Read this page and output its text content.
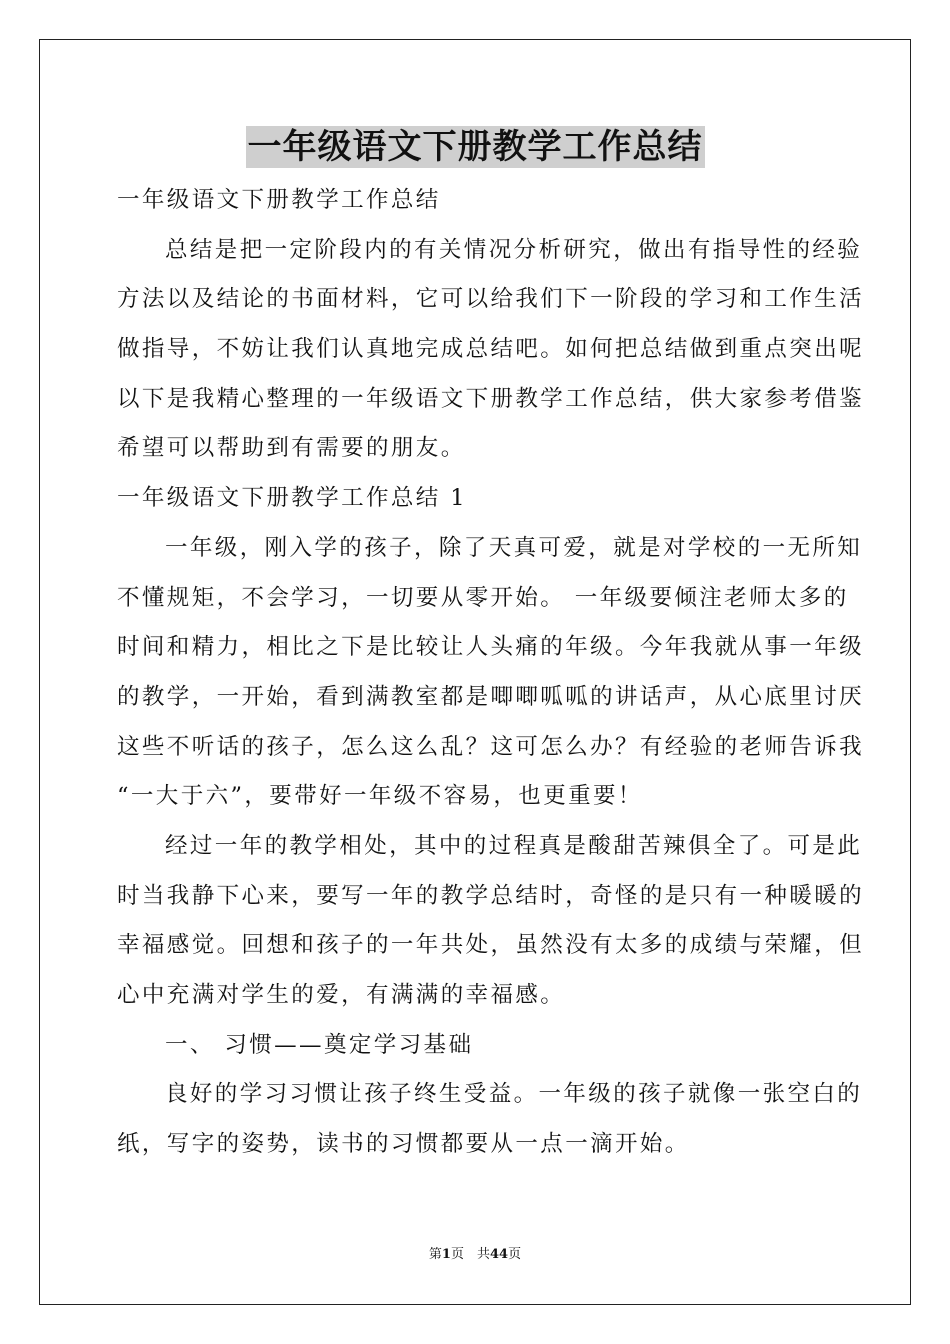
一年级语文下册教学工作总结
一年级语文下册教学工作总结
总结是把一定阶段内的有关情况分析研究，做出有指导性的经验
方法以及结论的书面材料，它可以给我们下一阶段的学习和工作生活
做指导，不妨让我们认真地完成总结吧。如何把总结做到重点突出呢
以下是我精心整理的一年级语文下册教学工作总结，供大家参考借鉴
希望可以帮助到有需要的朋友。
一年级语文下册教学工作总结 1
一年级，刚入学的孩子，除了天真可爱，就是对学校的一无所知
不懂规矩，不会学习，一切要从零开始。 一年级要倾注老师太多的
时间和精力，相比之下是比较让人头痛的年级。今年我就从事一年级
的教学，一开始，看到满教室都是唧唧呱呱的讲话声，从心底里讨厌
这些不听话的孩子，怎么这么乱？这可怎么办？有经验的老师告诉我
“一大于六”，要带好一年级不容易，也更重要！
经过一年的教学相处，其中的过程真是酸甜苦辣俱全了。可是此
时当我静下心来，要写一年的教学总结时，奇怪的是只有一种暖暖的
幸福感觉。回想和孩子的一年共处，虽然没有太多的成绩与荣耀，但
心中充满对学生的爱，有满满的幸福感。
一、 习惯——奠定学习基础
良好的学习习惯让孩子终生受益。一年级的孩子就像一张空白的
纸，写字的姿势，读书的习惯都要从一点一滴开始。
第1页　共44页
